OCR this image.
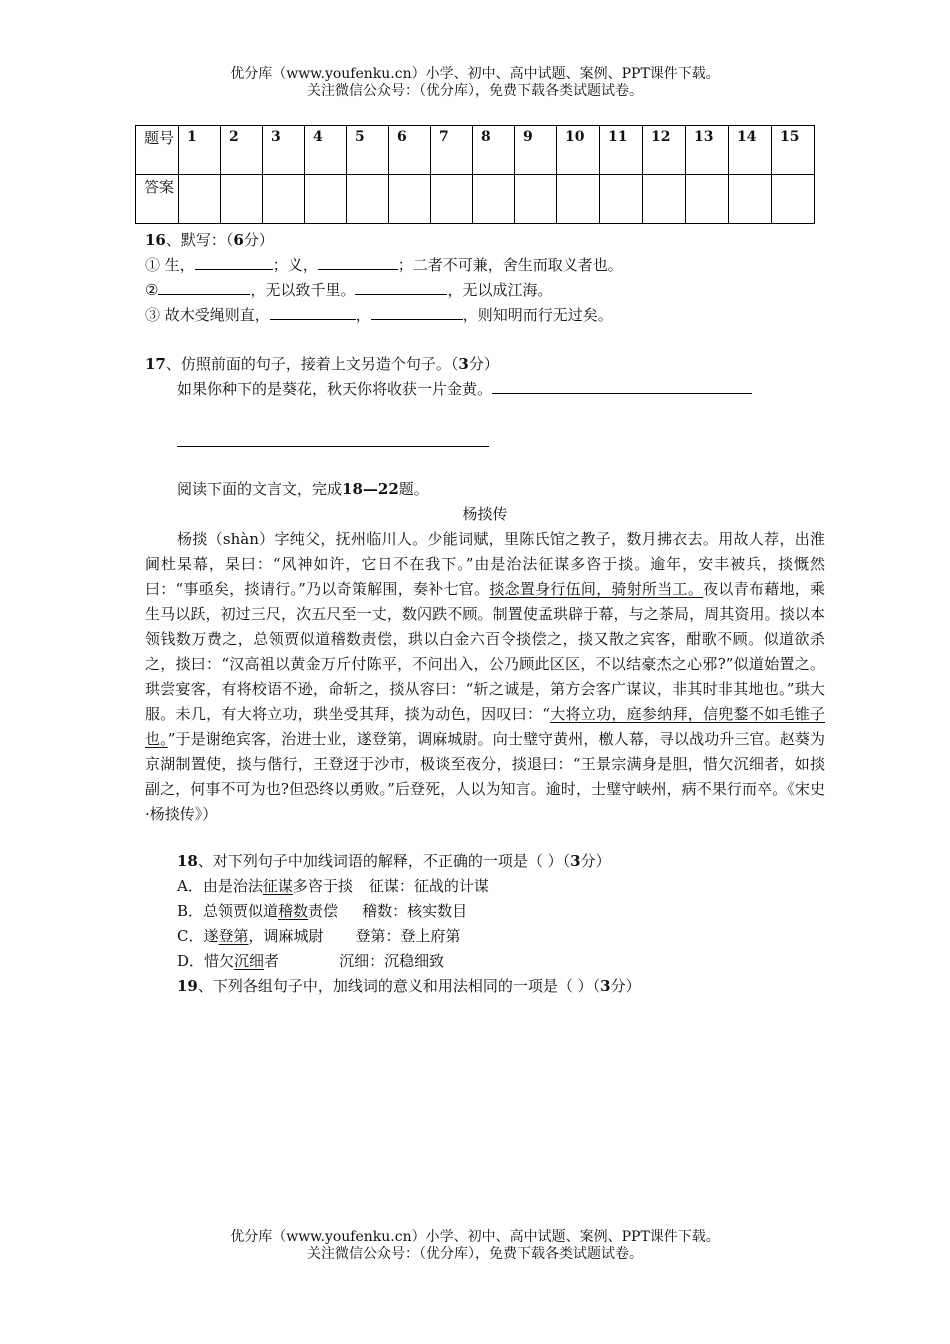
优分库（www.youfenku.cn）小学、初中、高中试题、案例、PPT课件下载。
关注微信公众号：（优分库），免费下载各类试题试卷。
题号	1	2	3	4	5	6	7	8	9	10	11	12	13	14	15
答案															
16、默写：（6分）
① 生，	；义，	；二者不可兼，舍生而取义者也。
②	，无以致千里。	，无以成江海。
③ 故木受绳则直，	，	，则知明而行无过矣。
17、仿照前面的句子，接着上文另造个句子。（3分）
如果你种下的是葵花，秋天你将收获一片金黄。
阅读下面的文言文，完成18—22题。
杨掞传
杨掞（shàn）字纯父，抚州临川人。少能词赋，里陈氏馆之教子，数月拂衣去。用故人荐，出淮阃杜杲幕，杲曰：“风神如许，它日不在我下。”由是治法征谋多咨于掞。逾年，安丰被兵，掞慨然曰：“事亟矣，掞请行。”乃以奇策解围，奏补七官。掞念置身行伍间，骑射所当工。夜以青布藉地，乘生马以跃，初过三尺，次五尺至一丈，数闪跌不顾。制置使孟珙辟于幕，与之茶局，周其资用。掞以本领钱数万费之，总领贾似道稽数责偿，珙以白金六百令掞偿之，掞又散之宾客，酣歌不顾。似道欲杀之，掞曰：“汉高祖以黄金万斤付陈平，不问出入，公乃顾此区区，不以结豪杰之心邪?”似道始置之。珙尝宴客，有将校语不逊，命斩之，掞从容曰：“斩之诚是，第方会客广谋议，非其时非其地也。”珙大服。未几，有大将立功，珙坐受其拜，掞为动色，因叹曰：“大将立功，庭参纳拜，信兜鍪不如毛锥子也。”于是谢绝宾客，治进士业，遂登第，调麻城尉。向士璧守黄州，檄人幕，寻以战功升三官。赵葵为京湖制置使，掞与偕行，王登迓于沙市，极谈至夜分，掞退曰：“王景宗满身是胆，惜欠沉细者，如掞副之，何事不可为也?但恐终以勇败。”后登死，人以为知言。逾时，士璧守峡州，病不果行而卒。《宋史·杨掞传》）
18、对下列句子中加线词语的解释，不正确的一项是（ ）（3分）
A．由是治法征谋多咨于掞 征谋：征战的计谋
B．总领贾似道稽数责偿 稽数：核实数目
C．遂登第，调麻城尉 登第：登上府第
D．惜欠沉细者	沉细：沉稳细致
19、下列各组句子中，加线词的意义和用法相同的一项是（ ）（3分）
优分库（www.youfenku.cn）小学、初中、高中试题、案例、PPT课件下载。
关注微信公众号：（优分库），免费下载各类试题试卷。
